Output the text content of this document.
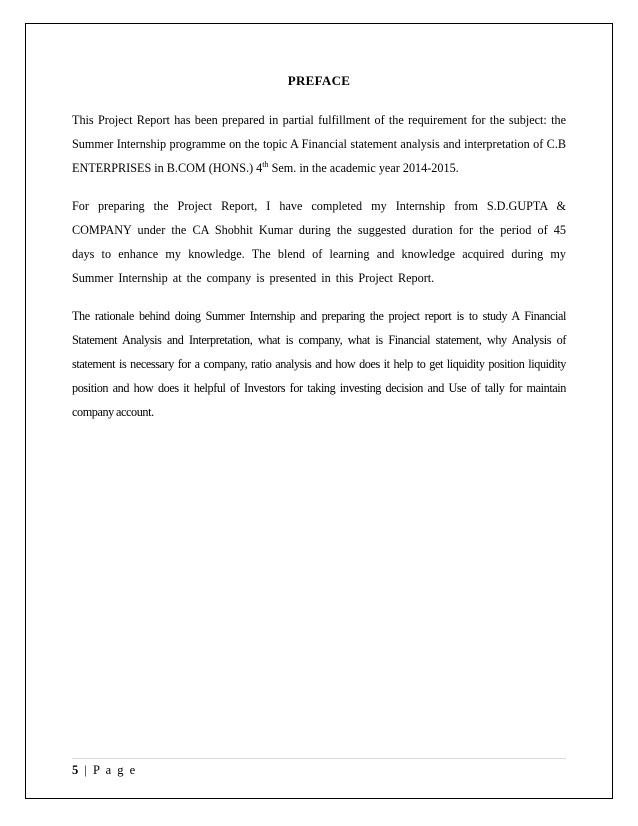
PREFACE

This Project Report has been prepared in partial fulfillment of the requirement for the subject: the Summer Internship programme on the topic A Financial statement analysis and interpretation of C.B ENTERPRISES in B.COM (HONS.) 4th Sem. in the academic year 2014-2015.

For preparing the Project Report, I have completed my Internship from S.D.GUPTA & COMPANY under the CA Shobhit Kumar during the suggested duration for the period of 45 days to enhance my knowledge. The blend of learning and knowledge acquired during my Summer Internship at the company is presented in this Project Report.

The rationale behind doing Summer Internship and preparing the project report is to study A Financial Statement Analysis and Interpretation, what is company, what is Financial statement, why Analysis of statement is necessary for a company, ratio analysis and how does it help to get liquidity position liquidity position and how does it helpful of Investors for taking investing decision and Use of tally for maintain company account.

5 | P a g e
